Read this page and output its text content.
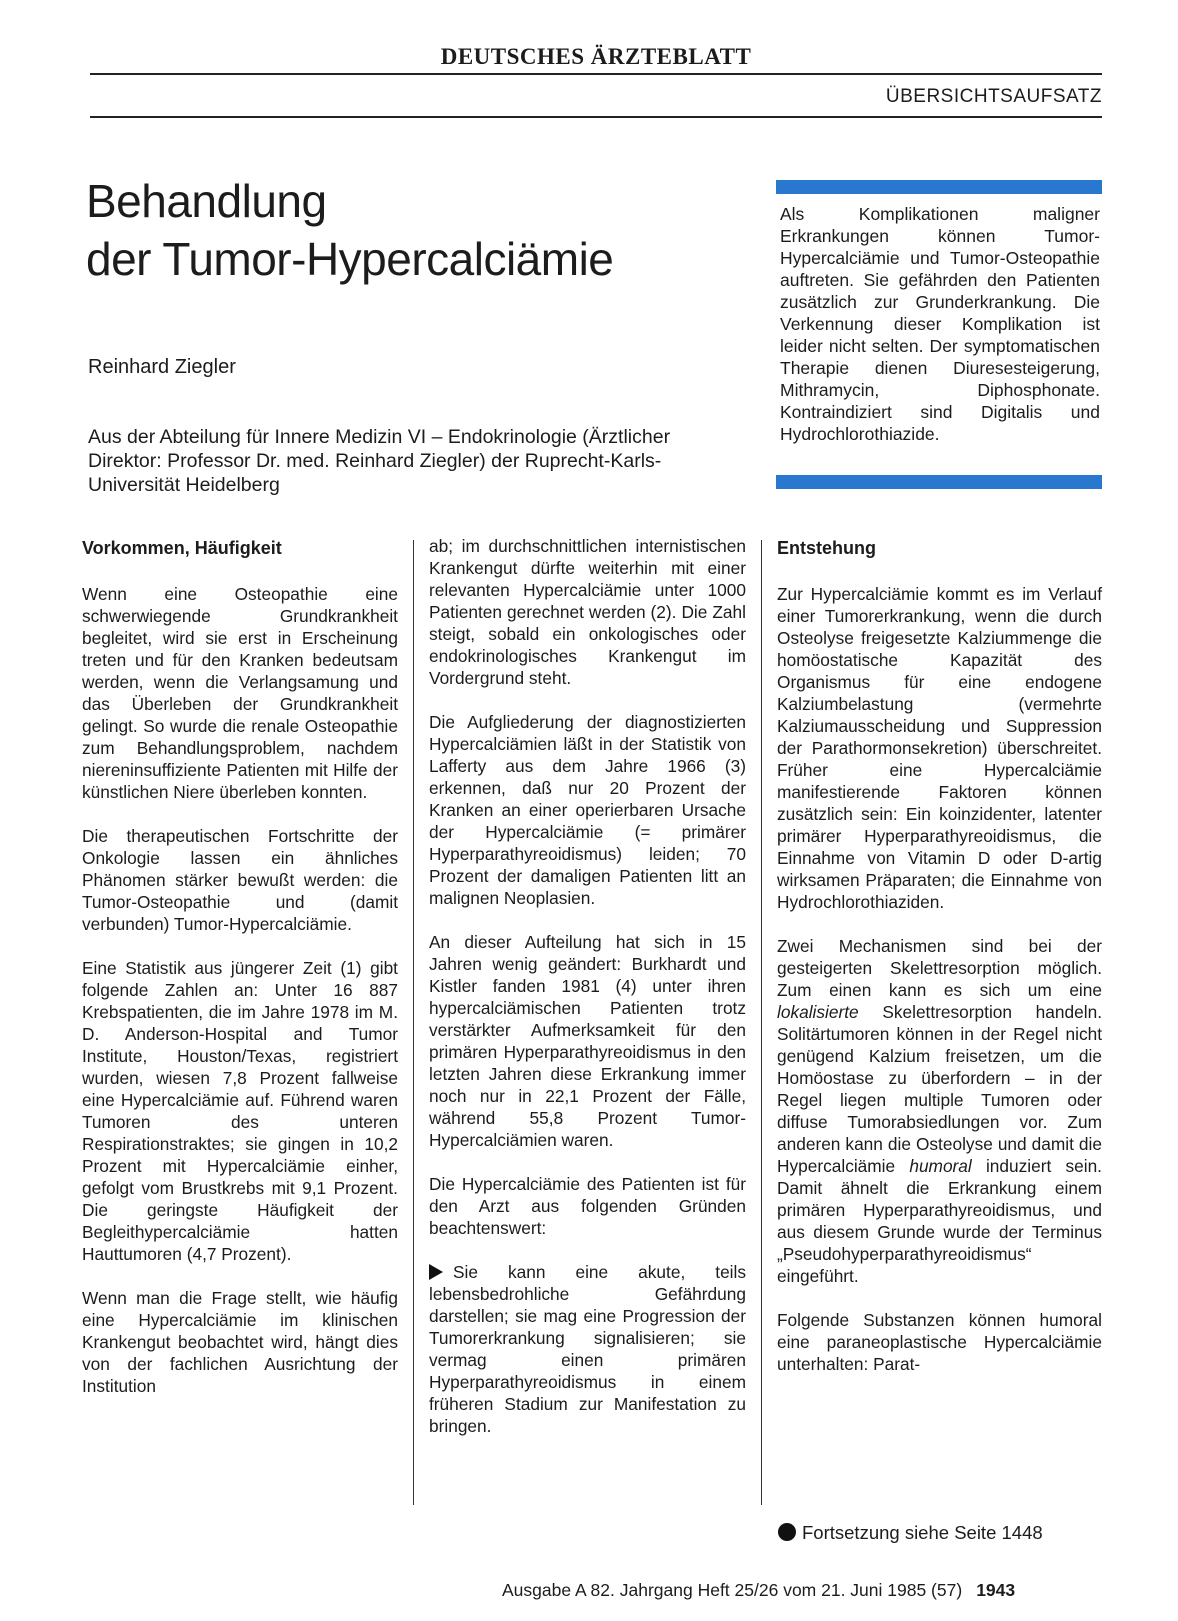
DEUTSCHES ÄRZTEBLATT
ÜBERSICHTSAUFSATZ
Behandlung
der Tumor-Hypercalciämie
Reinhard Ziegler
Aus der Abteilung für Innere Medizin VI – Endokrinologie (Ärztlicher Direktor: Professor Dr. med. Reinhard Ziegler) der Ruprecht-Karls-Universität Heidelberg
Als Komplikationen maligner Erkrankungen können Tumor-Hypercalciämie und Tumor-Osteopathie auftreten. Sie gefährden den Patienten zusätzlich zur Grunderkrankung. Die Verkennung dieser Komplikation ist leider nicht selten. Der symptomatischen Therapie dienen Diuresesteigerung, Mithramycin, Diphosphonate. Kontraindiziert sind Digitalis und Hydrochlorothiazide.
Vorkommen, Häufigkeit

Wenn eine Osteopathie eine schwerwiegende Grundkrankheit begleitet, wird sie erst in Erscheinung treten und für den Kranken bedeutsam werden, wenn die Verlangsamung und das Überleben der Grundkrankheit gelingt. So wurde die renale Osteopathie zum Behandlungsproblem, nachdem niereninsuffiziente Patienten mit Hilfe der künstlichen Niere überleben konnten.

Die therapeutischen Fortschritte der Onkologie lassen ein ähnliches Phänomen stärker bewußt werden: die Tumor-Osteopathie und (damit verbunden) Tumor-Hypercalciämie.

Eine Statistik aus jüngerer Zeit (1) gibt folgende Zahlen an: Unter 16 887 Krebspatienten, die im Jahre 1978 im M. D. Anderson-Hospital and Tumor Institute, Houston/Texas, registriert wurden, wiesen 7,8 Prozent fallweise eine Hypercalciämie auf. Führend waren Tumoren des unteren Respirationstraktes; sie gingen in 10,2 Prozent mit Hypercalciämie einher, gefolgt vom Brustkrebs mit 9,1 Prozent. Die geringste Häufigkeit der Begleithypercalciämie hatten Hauttumoren (4,7 Prozent).

Wenn man die Frage stellt, wie häufig eine Hypercalciämie im klinischen Krankengut beobachtet wird, hängt dies von der fachlichen Ausrichtung der Institution

ab; im durchschnittlichen internistischen Krankengut dürfte weiterhin mit einer relevanten Hypercalciämie unter 1000 Patienten gerechnet werden (2). Die Zahl steigt, sobald ein onkologisches oder endokrinologisches Krankengut im Vordergrund steht.

Die Aufgliederung der diagnostizierten Hypercalciämien läßt in der Statistik von Lafferty aus dem Jahre 1966 (3) erkennen, daß nur 20 Prozent der Kranken an einer operierbaren Ursache der Hypercalciämie (= primärer Hyperparathyreoidismus) leiden; 70 Prozent der damaligen Patienten litt an malignen Neoplasien.

An dieser Aufteilung hat sich in 15 Jahren wenig geändert: Burkhardt und Kistler fanden 1981 (4) unter ihren hypercalciämischen Patienten trotz verstärkter Aufmerksamkeit für den primären Hyperparathyreoidismus in den letzten Jahren diese Erkrankung immer noch nur in 22,1 Prozent der Fälle, während 55,8 Prozent Tumor-Hypercalciämien waren.

Die Hypercalciämie des Patienten ist für den Arzt aus folgenden Gründen beachtenswert:

Sie kann eine akute, teils lebensbedrohliche Gefährdung darstellen; sie mag eine Progression der Tumorerkrankung signalisieren; sie vermag einen primären Hyperparathyreoidismus in einem früheren Stadium zur Manifestation zu bringen.

Entstehung

Zur Hypercalciämie kommt es im Verlauf einer Tumorerkrankung, wenn die durch Osteolyse freigesetzte Kalziummenge die homöostatische Kapazität des Organismus für eine endogene Kalziumbelastung (vermehrte Kalziumausscheidung und Suppression der Parathormonsekretion) überschreitet. Früher eine Hypercalciämie manifestierende Faktoren können zusätzlich sein: Ein koinzidenter, latenter primärer Hyperparathyreoidismus, die Einnahme von Vitamin D oder D-artig wirksamen Präparaten; die Einnahme von Hydrochlorothiaziden.

Zwei Mechanismen sind bei der gesteigerten Skelettresorption möglich. Zum einen kann es sich um eine lokalisierte Skelettresorption handeln. Solitärtumoren können in der Regel nicht genügend Kalzium freisetzen, um die Homöostase zu überfordern – in der Regel liegen multiple Tumoren oder diffuse Tumorabsiedlungen vor. Zum anderen kann die Osteolyse und damit die Hypercalciämie humoral induziert sein. Damit ähnelt die Erkrankung einem primären Hyperparathyreoidismus, und aus diesem Grunde wurde der Terminus „Pseudohyperparathyreoidismus“ eingeführt.

Folgende Substanzen können humoral eine paraneoplastische Hypercalciämie unterhalten: Parat-

Fortsetzung siehe Seite 1448
Ausgabe A 82. Jahrgang Heft 25/26 vom 21. Juni 1985 (57) 1943
